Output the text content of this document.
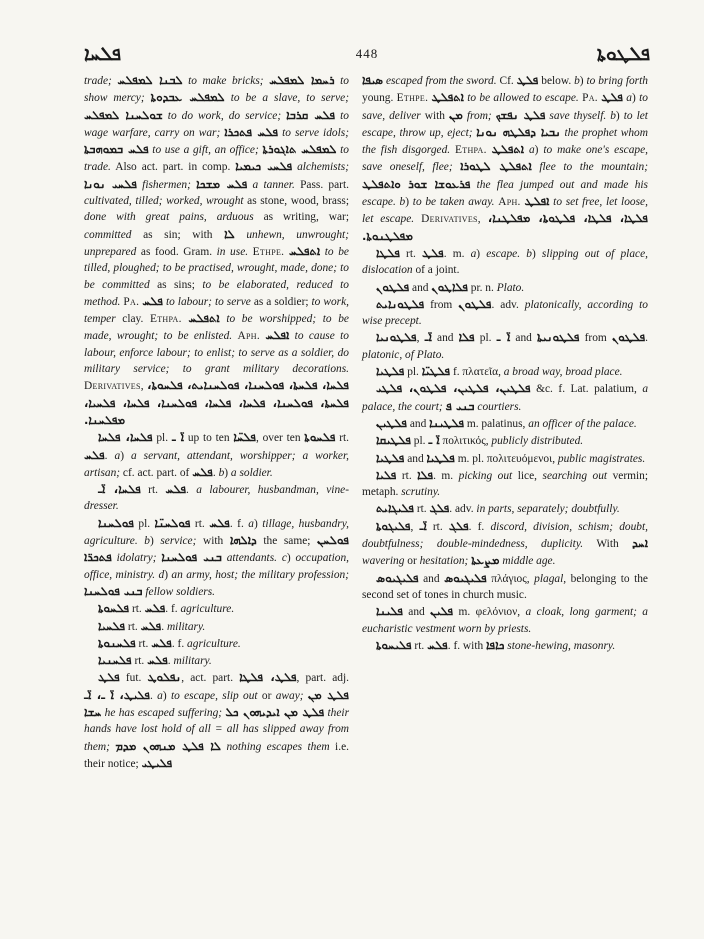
ܦܠܚܐ	448	ܦܠܛܘܬܐ

trade; ܠܒܢܐ ܠܡܦܠܚ to make bricks; ܪܚܡܐ ܠܡܦܠܚ to show mercy; ܠܡܦܠܚ ܥܒܕܘܬܐ to be a slave, to serve; ܫܘܠܚܢܐ ܠܡܦܠܚ to do work, do service; ܦܠܚ ܩܪܒܐ to wage warfare, carry on war; ܦܠܚ ܦܬܟܪܐ to serve idols; ܦܠܚ ܒܡܘܗܒܬܐ to use a gift, an office; ܠܡܦܠܚ ܬܐܓܘܪܬܐ to trade. Also act. part. in comp. ܦܠܚܝ ܟܝܡܝܐ alchemists; ܦܠܚܝ ܢܘܢܐ fishermen; ܦܠܚ ܡܫܟܐ a tanner. Pass. part. cultivated, tilled; worked, wrought as stone, wood, brass; done with great pains, arduous as writing, war; committed as sin; with ܠܐ unhewn, unwrought; unprepared as food. Gram. in use. Ethpe. ܐܬܦܠܚ to be tilled, ploughed; to be practised, wrought, made, done; to be committed as sins; to be elaborated, reduced to method. Pa. ܦܠܚ to labour; to serve as a soldier; to work, temper clay. Ethpa. ܐܬܦܠܚ to be worshipped; to be made, wrought; to be enlisted. Aph. ܐܦܠܚ to cause to labour, enforce labour; to enlist; to serve as a soldier, do military service; to grant military decorations. Derivatives, ܦܠܚܐ، ܦܠܚܬܐ، ܦܘܠܚܢܐ، ܦܘܠܚܢܐܝܬ، ܦܠܚܘܬܐ، ܦܠܚܬܐ، ܦܘܠܚܢܐ، ܦܠܚܐ، ܦܠܚܐ، ܦܘܠܚܢܐ، ܦܠܚܐ، ܦܠܚܝܐ، ܡܦܠܚܢܐ.

ܦܠܚܐ، ܦܠܚܐ pl. ܐ̈ ـ up to ten ܦܠܚ̈ܐ, over ten ܦܠܚܘܬܐ rt. ܦܠܚ. a) a servant, attendant, worshipper; a worker, artisan; cf. act. part. of ܦܠܚ. b) a soldier.

ܦܠܚܐ، ܐ̈ـ rt. ܦܠܚ. a labourer, husbandman, vine-dresser.

ܦܘܠܚܢܐ pl. ܦܘܠܚܢ̈ܐ rt. ܦܠܚ. f. a) tillage, husbandry, agriculture. b) service; with ܕܐܠܗܐ the same; ܦܘܠܚܢ ܦܬܟܪ̈ܐ idolatry; ܒܢܝ ܦܘܠܚܢܐ attendants. c) occupation, office, ministry. d) an army, host; the military profession; ܒܢܝ ܦܘܠܚܢܐ fellow soldiers.

ܦܠܚܘܬܐ rt. ܦܠܚ. f. agriculture.

ܦܠܚܝܐ rt. ܦܠܚ. military.

ܦܠܚܢܘܬܐ rt. ܦܠܚ. f. agriculture.

ܦܠܚܢܝܐ rt. ܦܠܚ. military.

ܦܠܛ fut. ܢܦܠܘܛ, act. part. ܦܠܛ، ܦܠܛܐ, part. adj. ܦܠܝܛ، ܐ̈ ـ، ܐ̈ـ. a) to escape, slip out or away; ܦܠܛ ܡܢ ܚܫܐ he has escaped suffering; ܦܠܛ ܡܢ ܐܝܕܝܗܘܢ ܟܠ their hands have lost hold of all = all has slipped away from them; ܠܐ ܦܠܛ ܡܢܗܘܢ ܡܕܡ nothing escapes them i.e. their notice; ܦܠܝܛܝ

ܣܝܦܐ escaped from the sword. Cf. ܦܠܛ below. b) to bring forth young. Ethpe. ܐܬܦܠܛ to be allowed to escape. Pa. ܦܠܛ a) to save, deliver with ܡܢ from; ܦܠܛ ܢܦܫܟ save thyself. b) to let escape, throw up, eject; ܢܒܝܐ ܕܦܠܛܗ ܢܘܢܐ the prophet whom the fish disgorged. Ethpa. ܐܬܦܠܛ a) to make one's escape, save oneself, flee; ܐܬܦܠܛ ܠܛܘܪܐ flee to the mountain; ܦܪܥܘܫܐ ܫܘܪ ܘܐܬܦܠܛ the flea jumped out and made his escape. b) to be taken away. Aph. ܐܦܠܛ to set free, let loose, let escape. Derivatives, ܦܠܛܐ، ܦܠܛܐ، ܦܠܛܘܬܐ، ܡܦܠܛܢܐ، ܡܦܠܛܢܘܬܐ.

ܦܠܛܐ rt. ܦܠܛ. m. a) escape. b) slipping out of place, dislocation of a joint.

ܦܠܛܘܢ and ܦܠܐܛܘܢ pr. n. Plato.

ܦܠܛܘܢܐܝܬ from ܦܠܛܘܢ. adv. platonically, according to wise precept.

ܦܠܛܘܢܝܐ, ܐ̈ـ and ܦܠܐ pl. ܐ̈ ـ and ܦܠܛܘܢܝܬܐ from ܦܠܛܘܢ. platonic, of Plato.

ܦܠܛܝܐ pl. ܦܠܛܝ̈ܐ f. πλατεῖα, a broad way, broad place.

ܦܠܛܝܢ، ܦܠܛܝܢ، ܦܠܛܘܢ، ܦܠܛܝ &c. f. Lat. palatium, a palace, the court; ܒܢܝ ܦ courtiers.

ܦܠܛܝܢ and ܦܠܛܝܢܐ m. palatinus, an officer of the palace.

ܦܠܛܝܩܐ pl. ܐ̈ ـ πολιτικός, publicly distributed.

ܦܠܛܝܐ and ܦܠܛܝܐ m. pl. πολιτευόμενοι, public magistrates.

ܦܠܝܐ rt. ܦܠܐ. m. picking out lice, searching out vermin; metaph. scrutiny.

ܦܠܝܓܐܝܬ rt. ܦܠܓ. adv. in parts, separately; doubtfully.

ܦܠܝܓܘܬܐ, ܐ̈ـ rt. ܦܠܓ. f. discord, division, schism; doubt, doubtfulness; double-mindedness, duplicity. With ܐܚܕ wavering or hesitation; ܡܨܥܬܐ middle age.

ܦܠܝܓܝܘܣ and ܦܠܝܓܝܘܣ πλάγιος, plagal, belonging to the second set of tones in church music.

ܦܠܝܢܐ and ܦܠܝܢ m. φελόνιον, a cloak, long garment; a eucharistic vestment worn by priests.

ܦܠܝܚܘܬܐ rt. ܦܠܚ. f. with ܟܐܦܐ stone-hewing, masonry.
